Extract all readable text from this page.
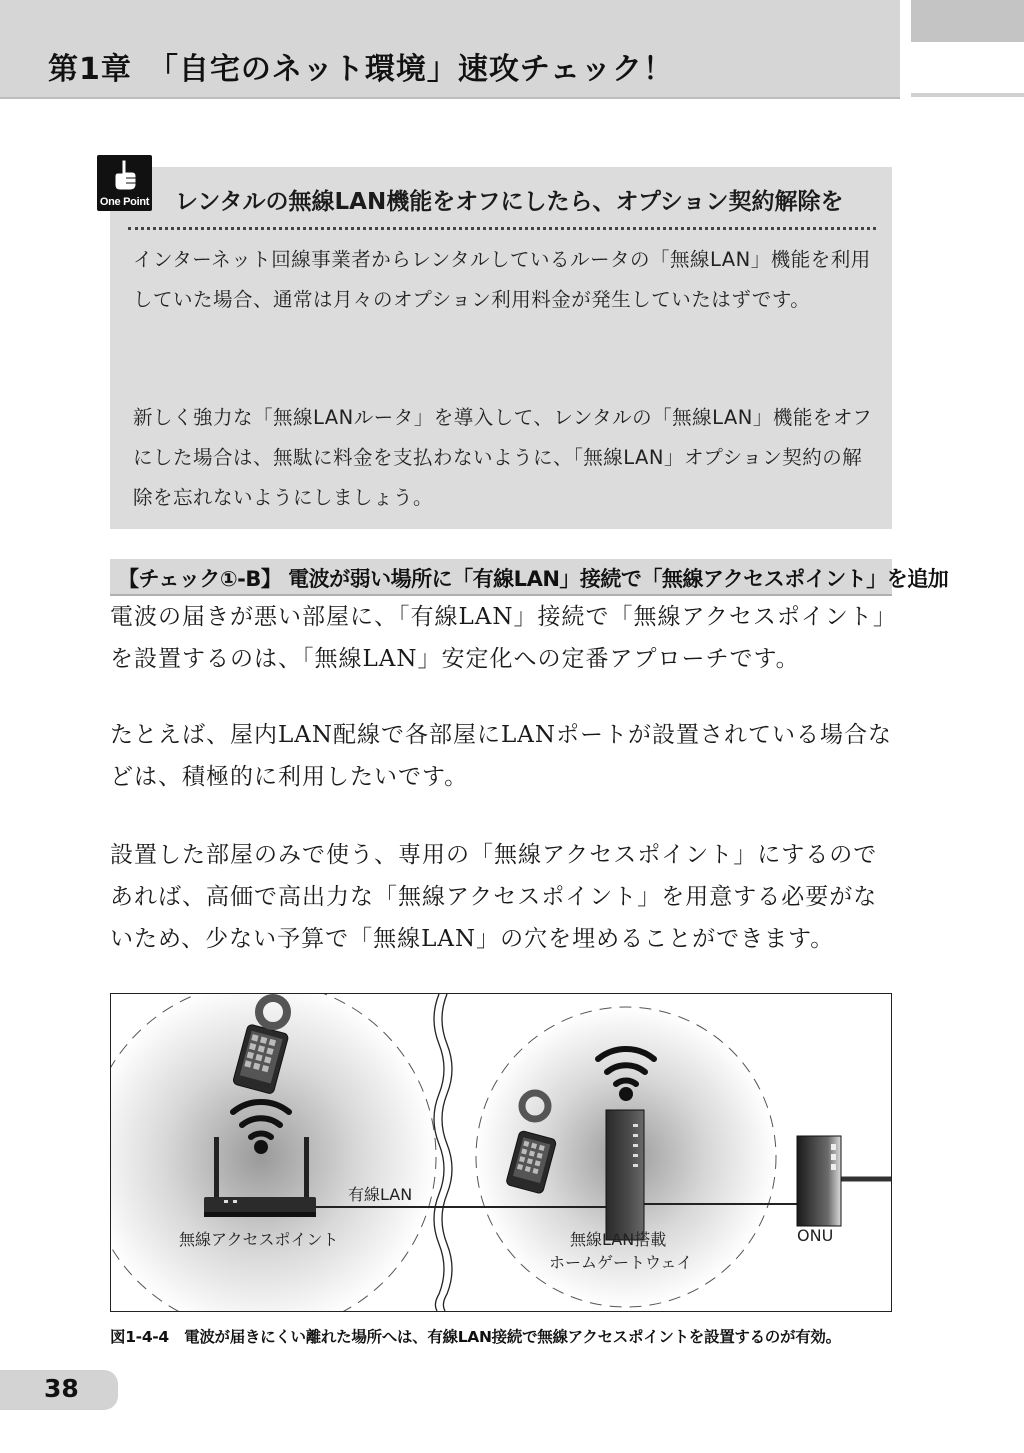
第1章　「自宅のネット環境」速攻チェック！
One Point レンタルの無線LAN機能をオフにしたら、オプション契約解除を

インターネット回線事業者からレンタルしているルータの「無線LAN」機能を利用していた場合、通常は月々のオプション利用料金が発生していたはずです。

新しく強力な「無線LANルータ」を導入して、レンタルの「無線LAN」機能をオフにした場合は、無駄に料金を支払わないように、「無線LAN」オプション契約の解除を忘れないようにしましょう。

【チェック①-B】 電波が弱い場所に「有線LAN」接続で「無線アクセスポイント」を追加

電波の届きが悪い部屋に、「有線LAN」接続で「無線アクセスポイント」を設置するのは、「無線LAN」安定化への定番アプローチです。

たとえば、屋内LAN配線で各部屋にLANポートが設置されている場合などは、積極的に利用したいです。

設置した部屋のみで使う、専用の「無線アクセスポイント」にするのであれば、高価で高出力な「無線アクセスポイント」を用意する必要がないため、少ない予算で「無線LAN」の穴を埋めることができます。

有線LAN
無線アクセスポイント	無線LAN搭載
ホームゲートウェイ
ONU

図1-4-4　電波が届きにくい離れた場所へは、有線LAN接続で無線アクセスポイントを設置するのが有効。

38
